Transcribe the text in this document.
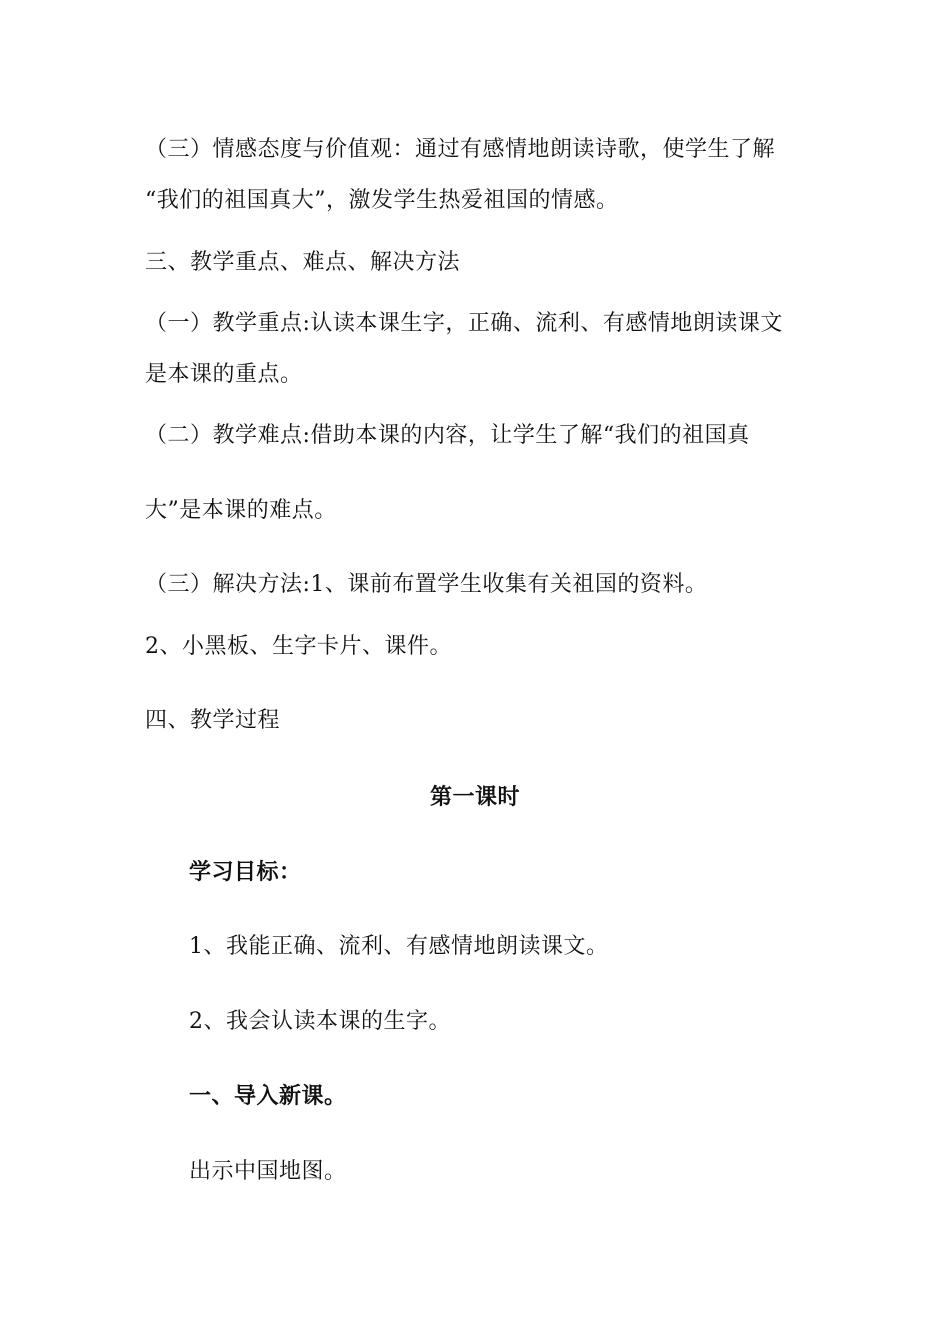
（三）情感态度与价值观：通过有感情地朗读诗歌，使学生了解
“我们的祖国真大”，激发学生热爱祖国的情感。
三、教学重点、难点、解决方法
（一）教学重点:认读本课生字，正确、流利、有感情地朗读课文
是本课的重点。
（二）教学难点:借助本课的内容，让学生了解“我们的祖国真
大”是本课的难点。
（三）解决方法:1、课前布置学生收集有关祖国的资料。
2、小黑板、生字卡片、课件。
四、教学过程
第一课时
学习目标：
1、我能正确、流利、有感情地朗读课文。
2、我会认读本课的生字。
一、导入新课。
出示中国地图。
